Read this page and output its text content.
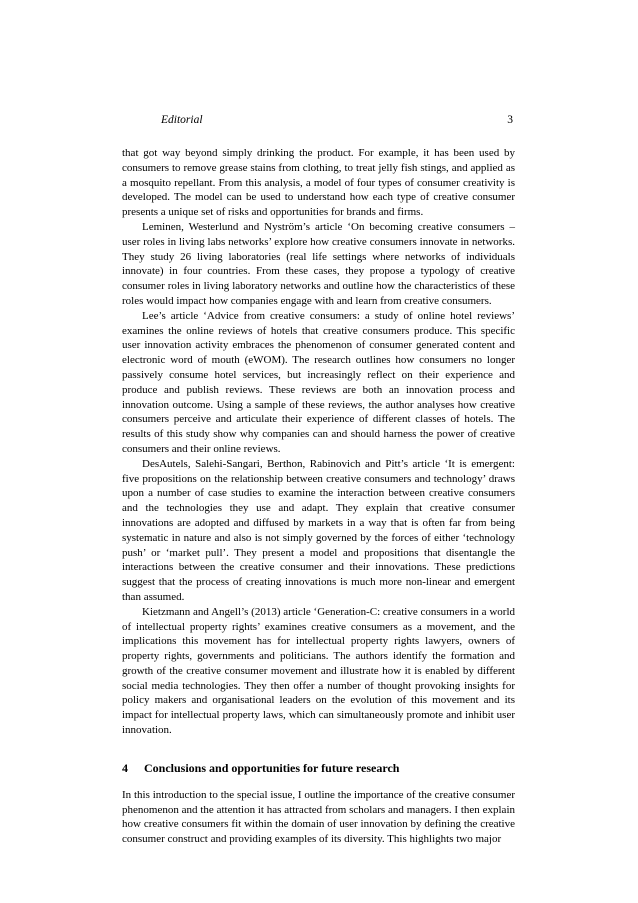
Editorial	3

that got way beyond simply drinking the product. For example, it has been used by consumers to remove grease stains from clothing, to treat jelly fish stings, and applied as a mosquito repellant. From this analysis, a model of four types of consumer creativity is developed. The model can be used to understand how each type of creative consumer presents a unique set of risks and opportunities for brands and firms.

Leminen, Westerlund and Nyström’s article ‘On becoming creative consumers – user roles in living labs networks’ explore how creative consumers innovate in networks. They study 26 living laboratories (real life settings where networks of individuals innovate) in four countries. From these cases, they propose a typology of creative consumer roles in living laboratory networks and outline how the characteristics of these roles would impact how companies engage with and learn from creative consumers.

Lee’s article ‘Advice from creative consumers: a study of online hotel reviews’ examines the online reviews of hotels that creative consumers produce. This specific user innovation activity embraces the phenomenon of consumer generated content and electronic word of mouth (eWOM). The research outlines how consumers no longer passively consume hotel services, but increasingly reflect on their experience and produce and publish reviews. These reviews are both an innovation process and innovation outcome. Using a sample of these reviews, the author analyses how creative consumers perceive and articulate their experience of different classes of hotels. The results of this study show why companies can and should harness the power of creative consumers and their online reviews.

DesAutels, Salehi-Sangari, Berthon, Rabinovich and Pitt’s article ‘It is emergent: five propositions on the relationship between creative consumers and technology’ draws upon a number of case studies to examine the interaction between creative consumers and the technologies they use and adapt. They explain that creative consumer innovations are adopted and diffused by markets in a way that is often far from being systematic in nature and also is not simply governed by the forces of either ‘technology push’ or ‘market pull’. They present a model and propositions that disentangle the interactions between the creative consumer and their innovations. These predictions suggest that the process of creating innovations is much more non-linear and emergent than assumed.

Kietzmann and Angell’s (2013) article ‘Generation-C: creative consumers in a world of intellectual property rights’ examines creative consumers as a movement, and the implications this movement has for intellectual property rights lawyers, owners of property rights, governments and politicians. The authors identify the formation and growth of the creative consumer movement and illustrate how it is enabled by different social media technologies. They then offer a number of thought provoking insights for policy makers and organisational leaders on the evolution of this movement and its impact for intellectual property laws, which can simultaneously promote and inhibit user innovation.

4 Conclusions and opportunities for future research

In this introduction to the special issue, I outline the importance of the creative consumer phenomenon and the attention it has attracted from scholars and managers. I then explain how creative consumers fit within the domain of user innovation by defining the creative consumer construct and providing examples of its diversity. This highlights two major
